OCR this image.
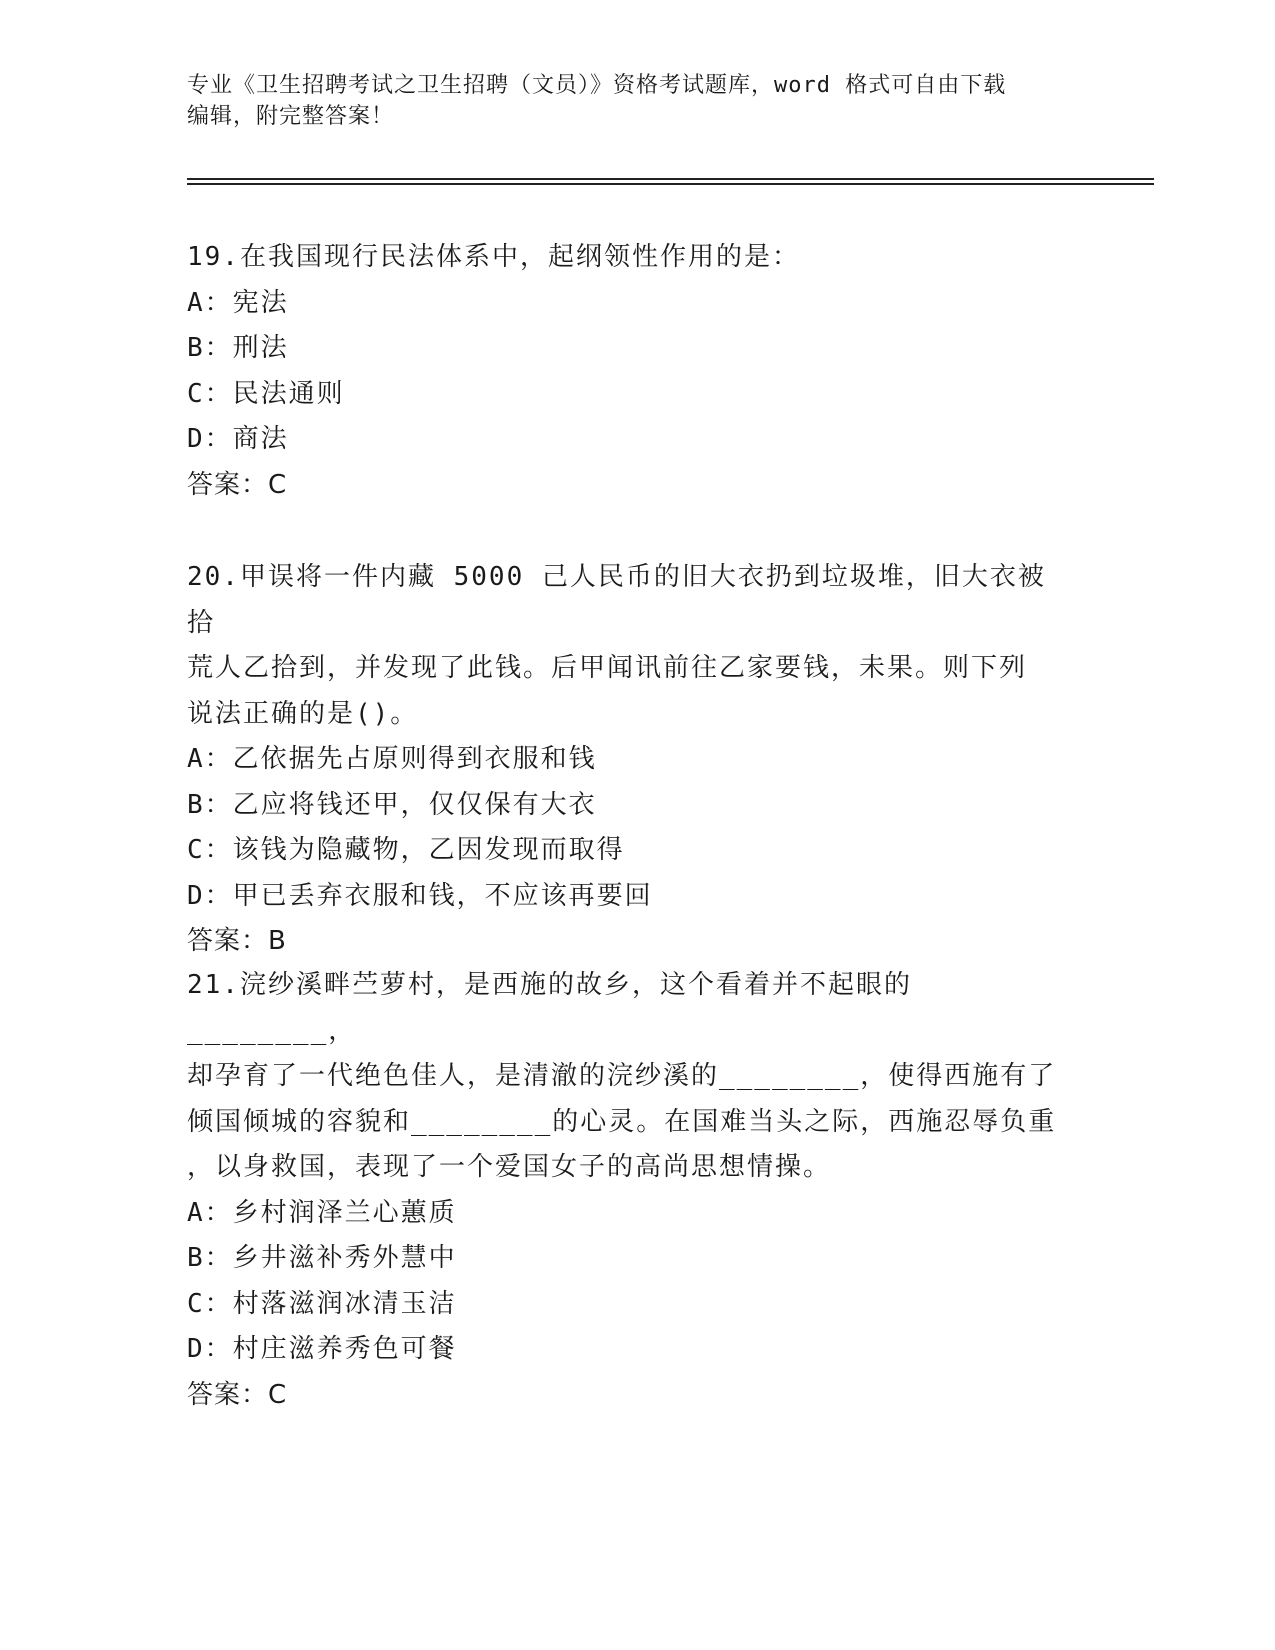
专业《卫生招聘考试之卫生招聘（文员）》资格考试题库，word 格式可自由下载
编辑，附完整答案！

19.在我国现行民法体系中，起纲领性作用的是：

A：宪法

B：刑法

C：民法通则

D：商法

答案：C

20.甲误将一件内藏 5000 己人民币的旧大衣扔到垃圾堆，旧大衣被拾

荒人乙拾到，并发现了此钱。后甲闻讯前往乙家要钱，未果。则下列

说法正确的是()。

A：乙依据先占原则得到衣服和钱

B：乙应将钱还甲，仅仅保有大衣

C：该钱为隐藏物，乙因发现而取得

D：甲已丢弃衣服和钱，不应该再要回

答案：B

21.浣纱溪畔苎萝村，是西施的故乡，这个看着并不起眼的________，

却孕育了一代绝色佳人，是清澈的浣纱溪的________，使得西施有了

倾国倾城的容貌和________的心灵。在国难当头之际，西施忍辱负重

，以身救国，表现了一个爱国女子的高尚思想情操。

A：乡村润泽兰心蕙质

B：乡井滋补秀外慧中

C：村落滋润冰清玉洁

D：村庄滋养秀色可餐

答案：C
